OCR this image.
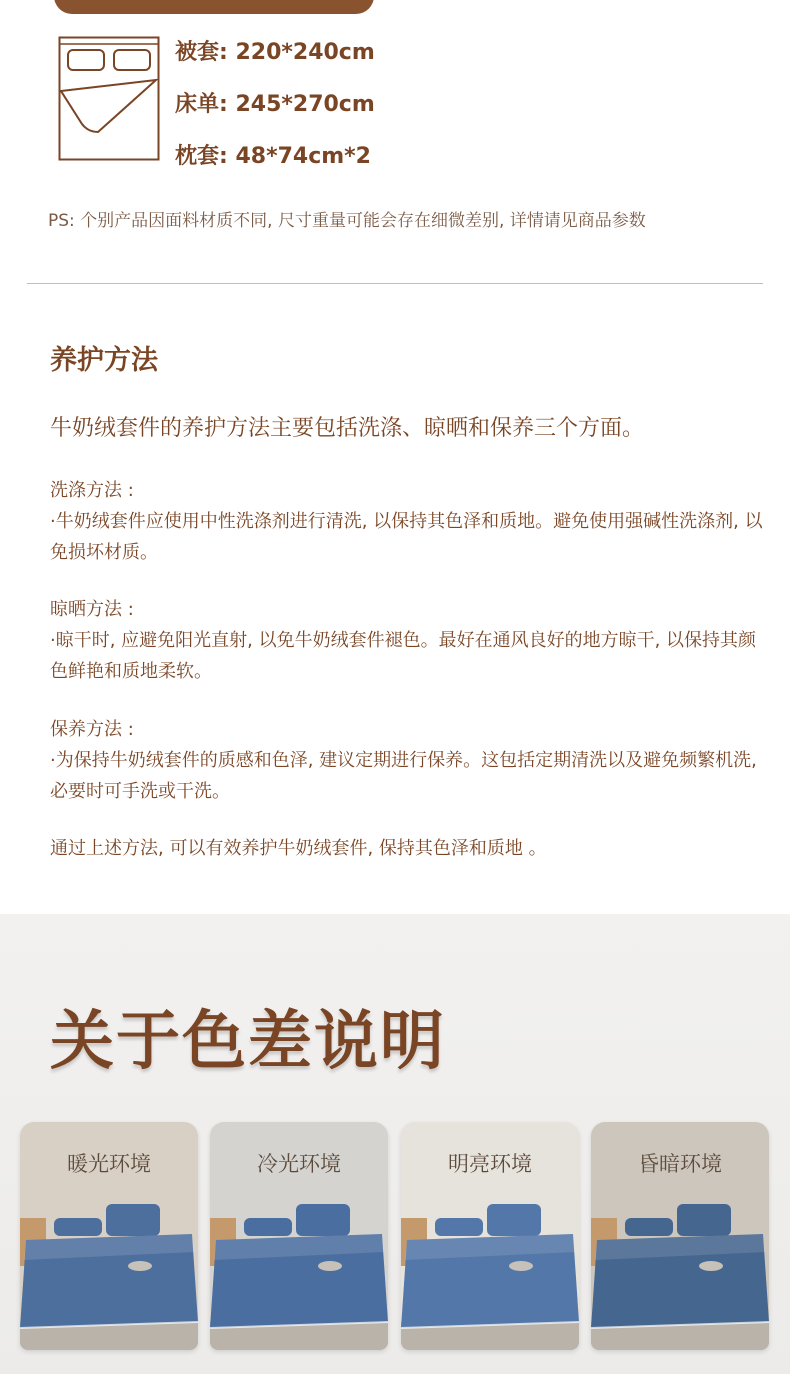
被套: 220*240cm
床单: 245*270cm
枕套: 48*74cm*2
PS: 个别产品因面料材质不同, 尺寸重量可能会存在细微差别, 详情请见商品参数
养护方法
牛奶绒套件的养护方法主要包括洗涤、晾晒和保养三个方面。

洗涤方法 :

·牛奶绒套件应使用中性洗涤剂进行清洗, 以保持其色泽和质地。避免使用强碱性洗涤剂, 以免损坏材质。

晾晒方法 :

·晾干时, 应避免阳光直射, 以免牛奶绒套件褪色。最好在通风良好的地方晾干, 以保持其颜色鲜艳和质地柔软。

保养方法 :

·为保持牛奶绒套件的质感和色泽, 建议定期进行保养。这包括定期清洗以及避免频繁机洗, 必要时可手洗或干洗。

通过上述方法, 可以有效养护牛奶绒套件, 保持其色泽和质地 。

关于色差说明
暖光环境	冷光环境	明亮环境	昏暗环境
